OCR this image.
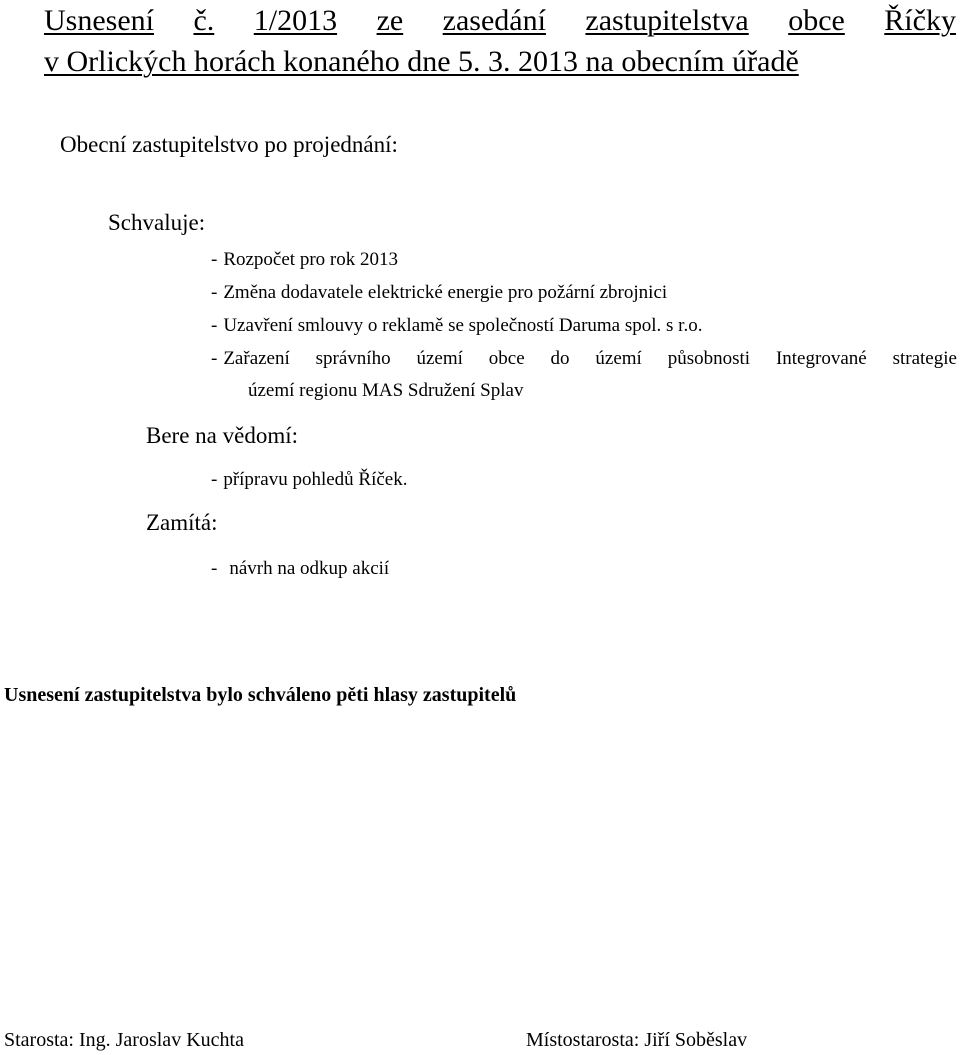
Usnesení č. 1/2013 ze zasedání zastupitelstva obce Říčky
v Orlických horách konaného dne 5. 3. 2013 na obecním úřadě
Obecní zastupitelstvo po projednání:
Schvaluje:
- Rozpočet pro rok 2013
- Změna dodavatele elektrické energie pro požární zbrojnici
- Uzavření smlouvy o reklamě se společností Daruma spol. s r.o.
- Zařazení správního území obce do území působnosti Integrované strategie
území regionu MAS Sdružení Splav
Bere na vědomí:
- přípravu pohledů Říček.
Zamítá:
- návrh na odkup akcií
Usnesení zastupitelstva bylo schváleno pěti hlasy zastupitelů
Starosta: Ing. Jaroslav Kuchta	Místostarosta: Jiří Soběslav
